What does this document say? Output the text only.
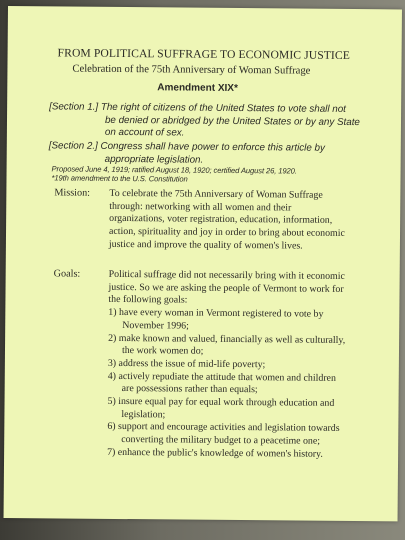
FROM POLITICAL SUFFRAGE TO ECONOMIC JUSTICE
Celebration of the 75th Anniversary of Woman Suffrage
Amendment XIX*
[Section 1.] The right of citizens of the United States to vote shall not
be denied or abridged by the United States or by any State
on account of sex.
[Section 2.] Congress shall have power to enforce this article by
appropriate legislation.
Proposed June 4, 1919; ratified August 18, 1920; certified August 26, 1920.
*19th amendment to the U.S. Constitution
Mission: To celebrate the 75th Anniversary of Woman Suffrage
through: networking with all women and their
organizations, voter registration, education, information,
action, spirituality and joy in order to bring about economic
justice and improve the quality of women's lives.
Goals:	Political suffrage did not necessarily bring with it economic
justice. So we are asking the people of Vermont to work for
the following goals:
1) have every woman in Vermont registered to vote by
November 1996;
2) make known and valued, financially as well as culturally,
the work women do;
3) address the issue of mid-life poverty;
4) actively repudiate the attitude that women and children
are possessions rather than equals;
5) insure equal pay for equal work through education and
legislation;
6) support and encourage activities and legislation towards
converting the military budget to a peacetime one;
7) enhance the public's knowledge of women's history.
